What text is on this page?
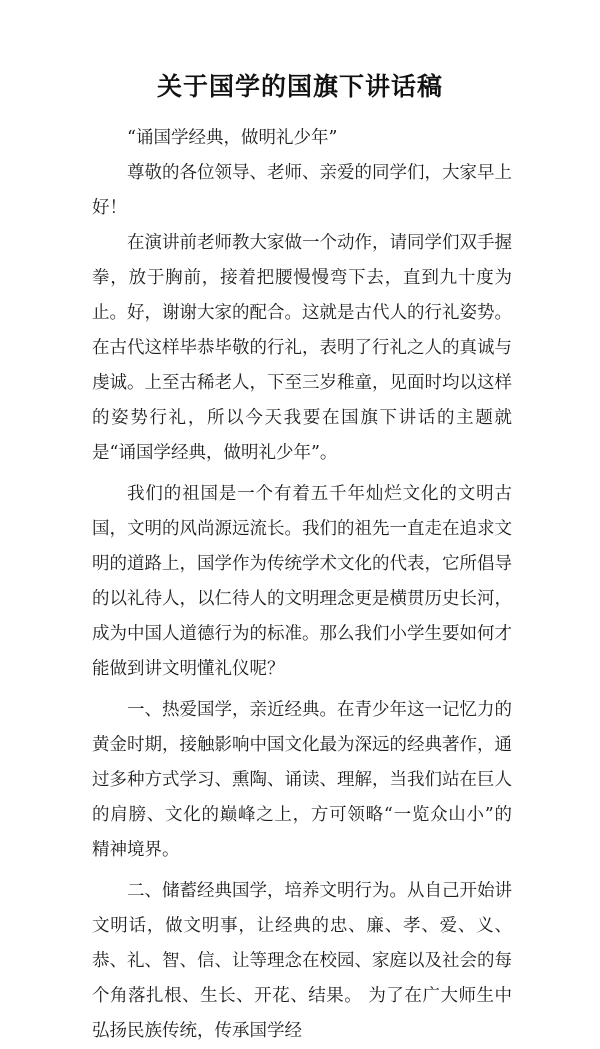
关于国学的国旗下讲话稿

“诵国学经典，做明礼少年”

尊敬的各位领导、老师、亲爱的同学们，大家早上好！

在演讲前老师教大家做一个动作，请同学们双手握拳，放于胸前，接着把腰慢慢弯下去，直到九十度为止。好，谢谢大家的配合。这就是古代人的行礼姿势。在古代这样毕恭毕敬的行礼，表明了行礼之人的真诚与虔诚。上至古稀老人，下至三岁稚童，见面时均以这样的姿势行礼，所以今天我要在国旗下讲话的主题就是“诵国学经典，做明礼少年”。

我们的祖国是一个有着五千年灿烂文化的文明古国，文明的风尚源远流长。我们的祖先一直走在追求文明的道路上，国学作为传统学术文化的代表，它所倡导的以礼待人，以仁待人的文明理念更是横贯历史长河，成为中国人道德行为的标准。那么我们小学生要如何才能做到讲文明懂礼仪呢？

一、热爱国学，亲近经典。在青少年这一记忆力的黄金时期，接触影响中国文化最为深远的经典著作，通过多种方式学习、熏陶、诵读、理解，当我们站在巨人的肩膀、文化的巅峰之上，方可领略“一览众山小”的精神境界。

二、储蓄经典国学，培养文明行为。从自己开始讲文明话，做文明事，让经典的忠、廉、孝、爱、义、恭、礼、智、信、让等理念在校园、家庭以及社会的每个角落扎根、生长、开花、结果。 为了在广大师生中弘扬民族传统，传承国学经
